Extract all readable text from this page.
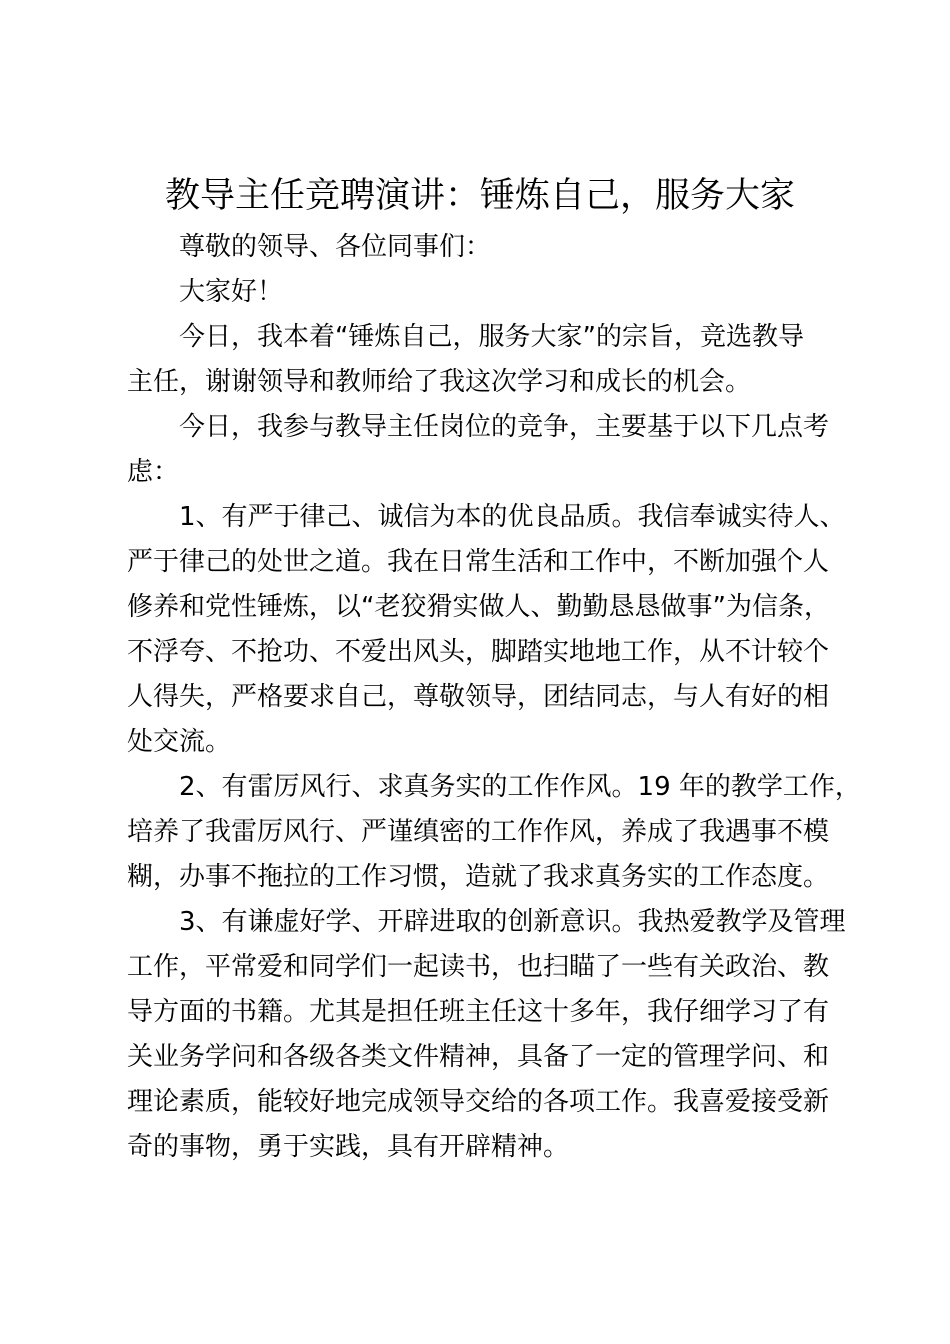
教导主任竞聘演讲：锤炼自己，服务大家
尊敬的领导、各位同事们：
大家好！
今日，我本着“锤炼自己，服务大家”的宗旨，竞选教导
主任，谢谢领导和教师给了我这次学习和成长的机会。
今日，我参与教导主任岗位的竞争，主要基于以下几点考
虑：
1、有严于律己、诚信为本的优良品质。我信奉诚实待人、
严于律己的处世之道。我在日常生活和工作中，不断加强个人
修养和党性锤炼，以“老狡猾实做人、勤勤恳恳做事”为信条，
不浮夸、不抢功、不爱出风头，脚踏实地地工作，从不计较个
人得失，严格要求自己，尊敬领导，团结同志，与人有好的相
处交流。
2、有雷厉风行、求真务实的工作作风。19 年的教学工作，
培养了我雷厉风行、严谨缜密的工作作风，养成了我遇事不模
糊，办事不拖拉的工作习惯，造就了我求真务实的工作态度。
3、有谦虚好学、开辟进取的创新意识。我热爱教学及管理
工作，平常爱和同学们一起读书，也扫瞄了一些有关政治、教
导方面的书籍。尤其是担任班主任这十多年，我仔细学习了有
关业务学问和各级各类文件精神，具备了一定的管理学问、和
理论素质，能较好地完成领导交给的各项工作。我喜爱接受新
奇的事物，勇于实践，具有开辟精神。
